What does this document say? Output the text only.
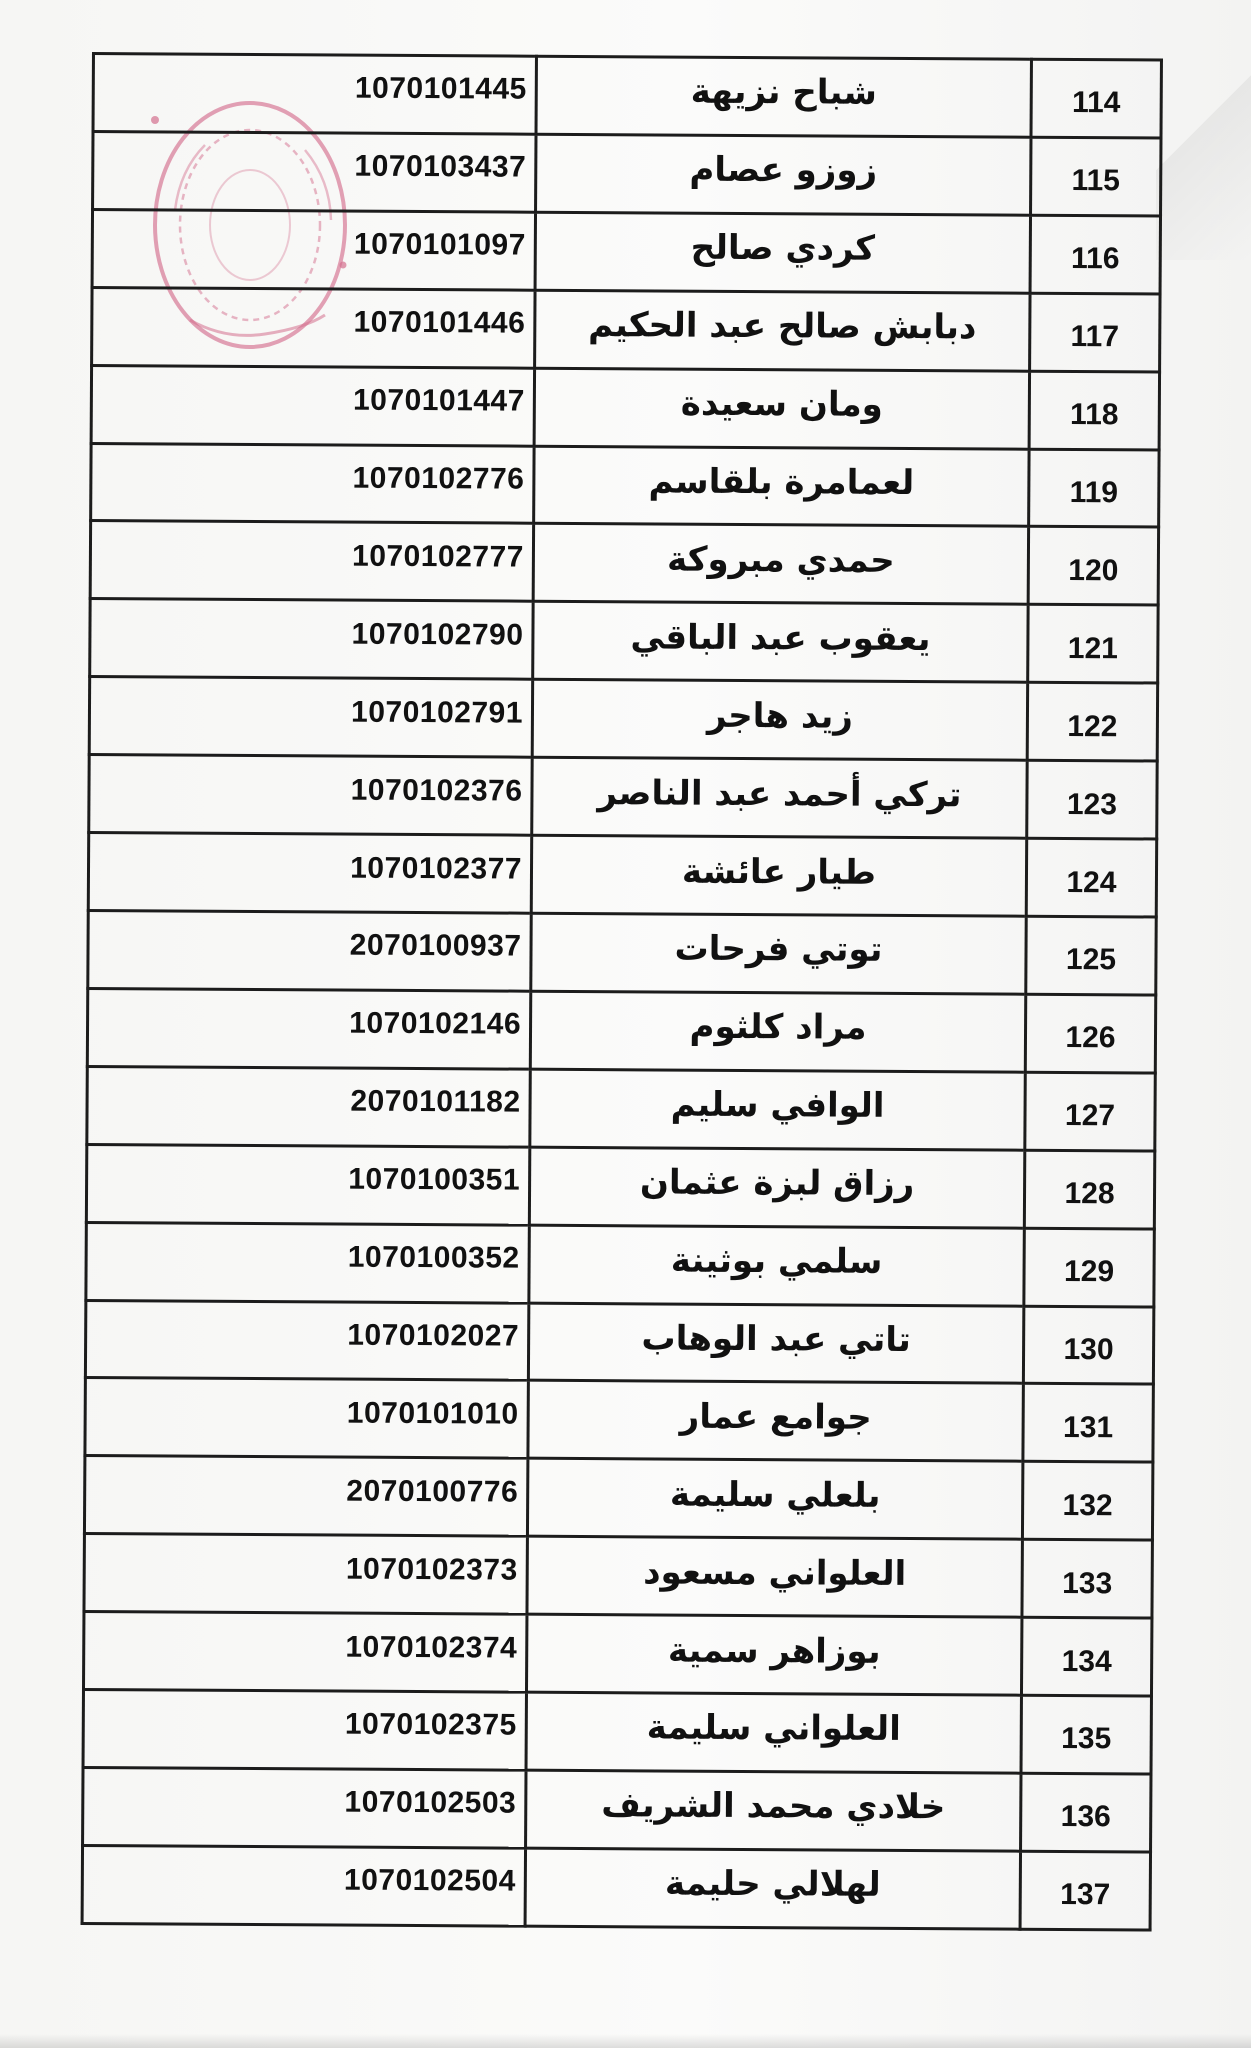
114	شباح نزيهة	1070101445
115	زوزو عصام	1070103437
116	كردي صالح	1070101097
117	دبابش صالح عبد الحكيم	1070101446
118	ومان سعيدة	1070101447
119	لعمامرة بلقاسم	1070102776
120	حمدي مبروكة	1070102777
121	يعقوب عبد الباقي	1070102790
122	زيد هاجر	1070102791
123	تركي أحمد عبد الناصر	1070102376
124	طيار عائشة	1070102377
125	توتي فرحات	2070100937
126	مراد كلثوم	1070102146
127	الوافي سليم	2070101182
128	رزاق لبزة عثمان	1070100351
129	سلمي بوثينة	1070100352
130	تاتي عبد الوهاب	1070102027
131	جوامع عمار	1070101010
132	بلعلي سليمة	2070100776
133	العلواني مسعود	1070102373
134	بوزاهر سمية	1070102374
135	العلواني سليمة	1070102375
136	خلادي محمد الشريف	1070102503
137	لهلالي حليمة	1070102504
